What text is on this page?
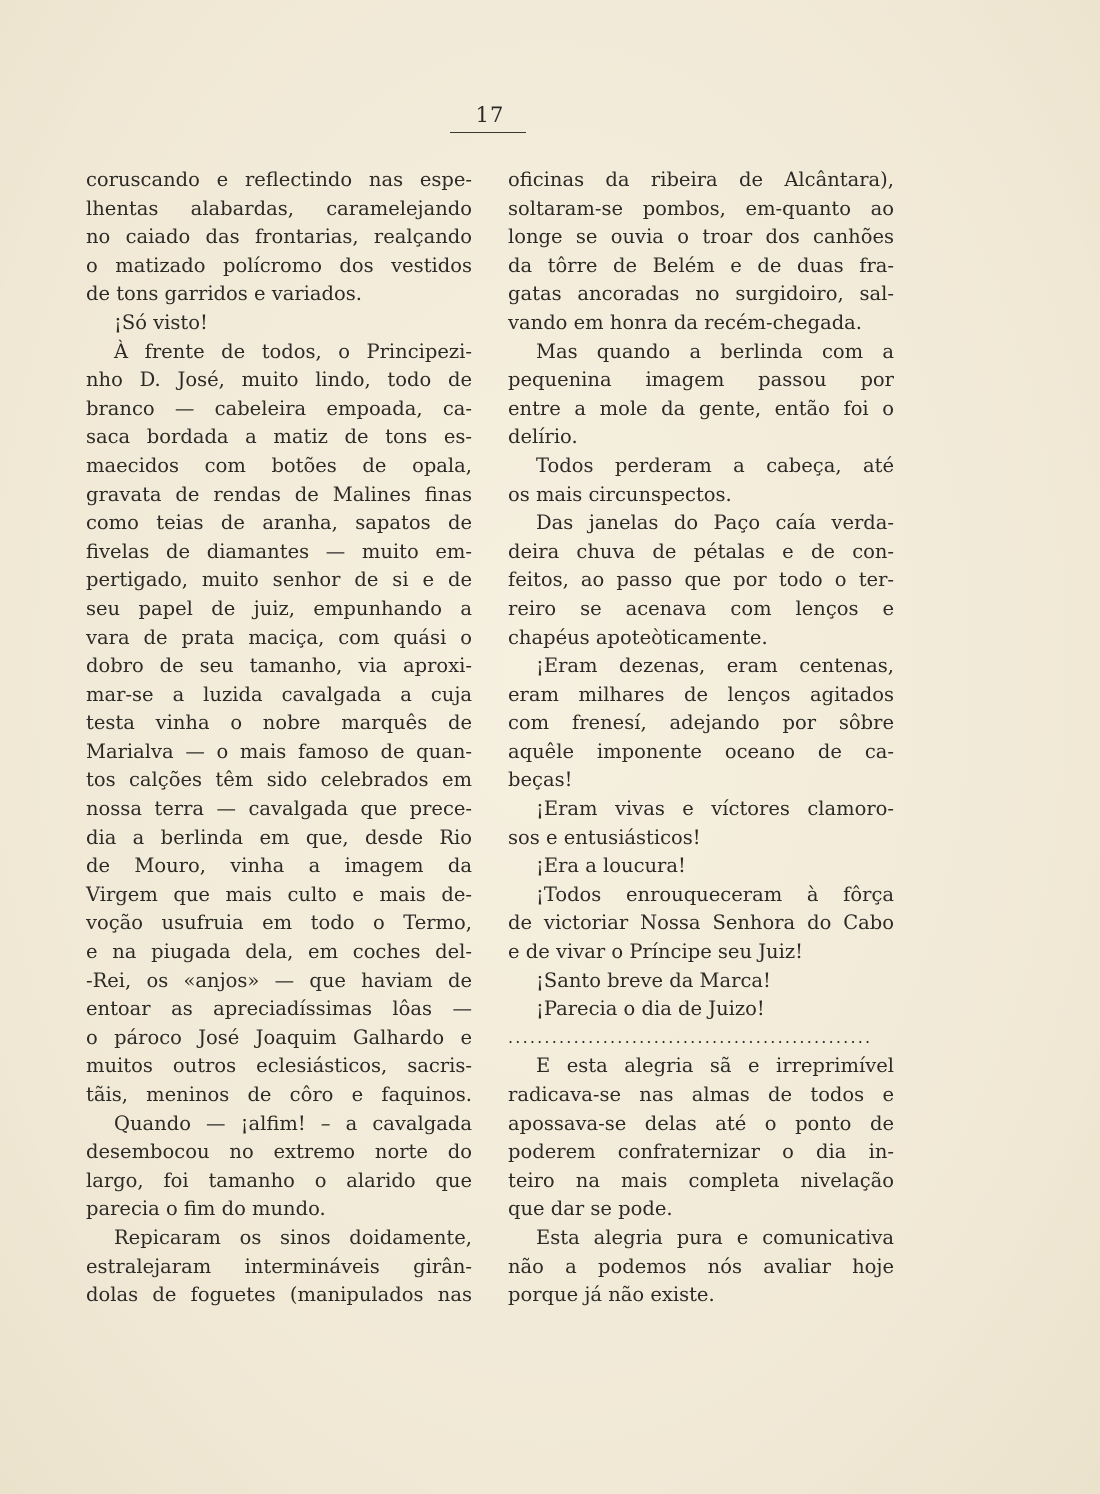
17
coruscando e reflectindo nas espe-
lhentas alabardas, caramelejando
no caiado das frontarias, realçando
o matizado polícromo dos vestidos
de tons garridos e variados.
¡Só visto!
À frente de todos, o Principezi-
nho D. José, muito lindo, todo de
branco — cabeleira empoada, ca-
saca bordada a matiz de tons es-
maecidos com botões de opala,
gravata de rendas de Malines finas
como teias de aranha, sapatos de
fivelas de diamantes — muito em-
pertigado, muito senhor de si e de
seu papel de juiz, empunhando a
vara de prata maciça, com quási o
dobro de seu tamanho, via aproxi-
mar-se a luzida cavalgada a cuja
testa vinha o nobre marquês de
Marialva — o mais famoso de quan-
tos calções têm sido celebrados em
nossa terra — cavalgada que prece-
dia a berlinda em que, desde Rio
de Mouro, vinha a imagem da
Virgem que mais culto e mais de-
voção usufruia em todo o Termo,
e na piugada dela, em coches del-
-Rei, os «anjos» — que haviam de
entoar as apreciadíssimas lôas —
o pároco José Joaquim Galhardo e
muitos outros eclesiásticos, sacris-
tãis, meninos de côro e faquinos.
Quando — ¡alfim! – a cavalgada
desembocou no extremo norte do
largo, foi tamanho o alarido que
parecia o fim do mundo.
Repicaram os sinos doidamente,
estralejaram intermináveis girân-
dolas de foguetes (manipulados nas
oficinas da ribeira de Alcântara),
soltaram-se pombos, em-quanto ao
longe se ouvia o troar dos canhões
da tôrre de Belém e de duas fra-
gatas ancoradas no surgidoiro, sal-
vando em honra da recém-chegada.
Mas quando a berlinda com a
pequenina imagem passou por
entre a mole da gente, então foi o
delírio.
Todos perderam a cabeça, até
os mais circunspectos.
Das janelas do Paço caía verda-
deira chuva de pétalas e de con-
feitos, ao passo que por todo o ter-
reiro se acenava com lenços e
chapéus apoteòticamente.
¡Eram dezenas, eram centenas,
eram milhares de lenços agitados
com frenesí, adejando por sôbre
aquêle imponente oceano de ca-
beças!
¡Eram vivas e víctores clamoro-
sos e entusiásticos!
¡Era a loucura!
¡Todos enrouqueceram à fôrça
de victoriar Nossa Senhora do Cabo
e de vivar o Príncipe seu Juiz!
¡Santo breve da Marca!
¡Parecia o dia de Juizo!
..................................................
E esta alegria sã e irreprimível
radicava-se nas almas de todos e
apossava-se delas até o ponto de
poderem confraternizar o dia in-
teiro na mais completa nivelação
que dar se pode.
Esta alegria pura e comunicativa
não a podemos nós avaliar hoje
porque já não existe.
